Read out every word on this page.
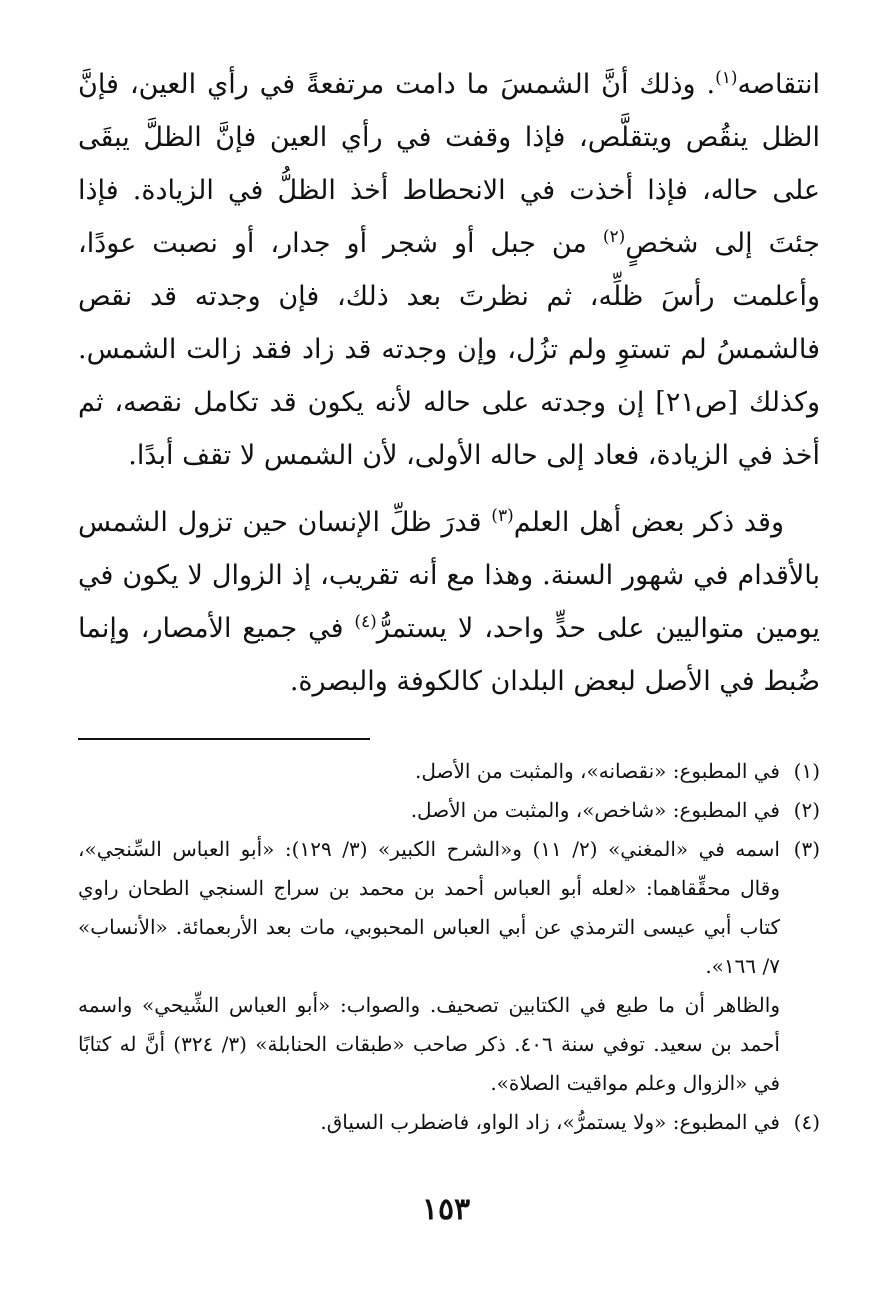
انتقاصه$^{(١)}$. وذلك أنَّ الشمسَ ما دامت مرتفعةً في رأي العين، فإنَّ الظل ينقُص ويتقلَّص، فإذا وقفت في رأي العين فإنَّ الظلَّ يبقَى على حاله، فإذا أخذت في الانحطاط أخذ الظلُّ في الزيادة. فإذا جئتَ إلى شخصٍ$^{(٢)}$ من جبل أو شجر أو جدار، أو نصبت عودًا، وأعلمت رأسَ ظلِّه، ثم نظرتَ بعد ذلك، فإن وجدته قد نقص فالشمسُ لم تستوِ ولم تزُل، وإن وجدته قد زاد فقد زالت الشمس. وكذلك [ص٢١] إن وجدته على حاله لأنه يكون قد تكامل نقصه، ثم أخذ في الزيادة، فعاد إلى حاله الأولى، لأن الشمس لا تقف أبدًا.

وقد ذكر بعض أهل العلم$^{(٣)}$ قدرَ ظلِّ الإنسان حين تزول الشمس بالأقدام في شهور السنة. وهذا مع أنه تقريب، إذ الزوال لا يكون في يومين متواليين على حدٍّ واحد، لا يستمرُّ$^{(٤)}$ في جميع الأمصار، وإنما ضُبط في الأصل لبعض البلدان كالكوفة والبصرة.

(١)
في المطبوع: «نقصانه»، والمثبت من الأصل.
(٢)
في المطبوع: «شاخص»، والمثبت من الأصل.
(٣)
اسمه في «المغني» (٢/ ١١) و«الشرح الكبير» (٣/ ١٢٩): «أبو العباس السِّنجي»، وقال محقِّقاهما: «لعله أبو العباس أحمد بن محمد بن سراج السنجي الطحان راوي كتاب أبي عيسى الترمذي عن أبي العباس المحبوبي، مات بعد الأربعمائة. «الأنساب» ٧/ ١٦٦».
والظاهر أن ما طبع في الكتابين تصحيف. والصواب: «أبو العباس الشِّيحي» واسمه أحمد بن سعيد. توفي سنة ٤٠٦. ذكر صاحب «طبقات الحنابلة» (٣/ ٣٢٤) أنَّ له كتابًا في «الزوال وعلم مواقيت الصلاة».
(٤)
في المطبوع: «ولا يستمرُّ»، زاد الواو، فاضطرب السياق.
١٥٣
